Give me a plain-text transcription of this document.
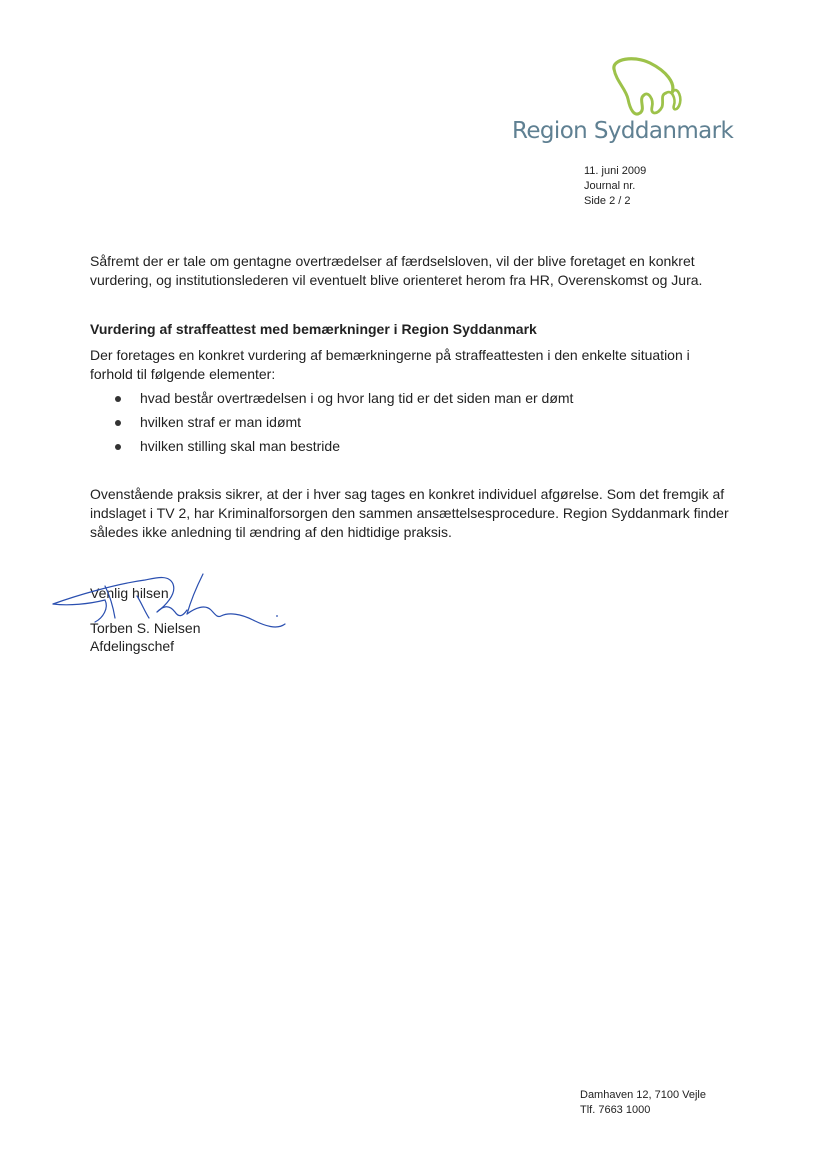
Region Syddanmark
11. juni 2009
Journal nr.
Side 2 / 2

Såfremt der er tale om gentagne overtrædelser af færdselsloven, vil der blive foretaget en konkret vurdering, og institutionslederen vil eventuelt blive orienteret herom fra HR, Overenskomst og Jura.

Vurdering af straffeattest med bemærkninger i Region Syddanmark

Der foretages en konkret vurdering af bemærkningerne på straffeattesten i den enkelte situation i forhold til følgende elementer:

hvad består overtrædelsen i og hvor lang tid er det siden man er dømt
hvilken straf er man idømt
hvilken stilling skal man bestride

Ovenstående praksis sikrer, at der i hver sag tages en konkret individuel afgørelse. Som det fremgik af indslaget i TV 2, har Kriminalforsorgen den sammen ansættelsesprocedure. Region Syddanmark finder således ikke anledning til ændring af den hidtidige praksis.

Venlig hilsen
Torben S. Nielsen
Afdelingschef
Damhaven 12, 7100 Vejle
Tlf. 7663 1000
